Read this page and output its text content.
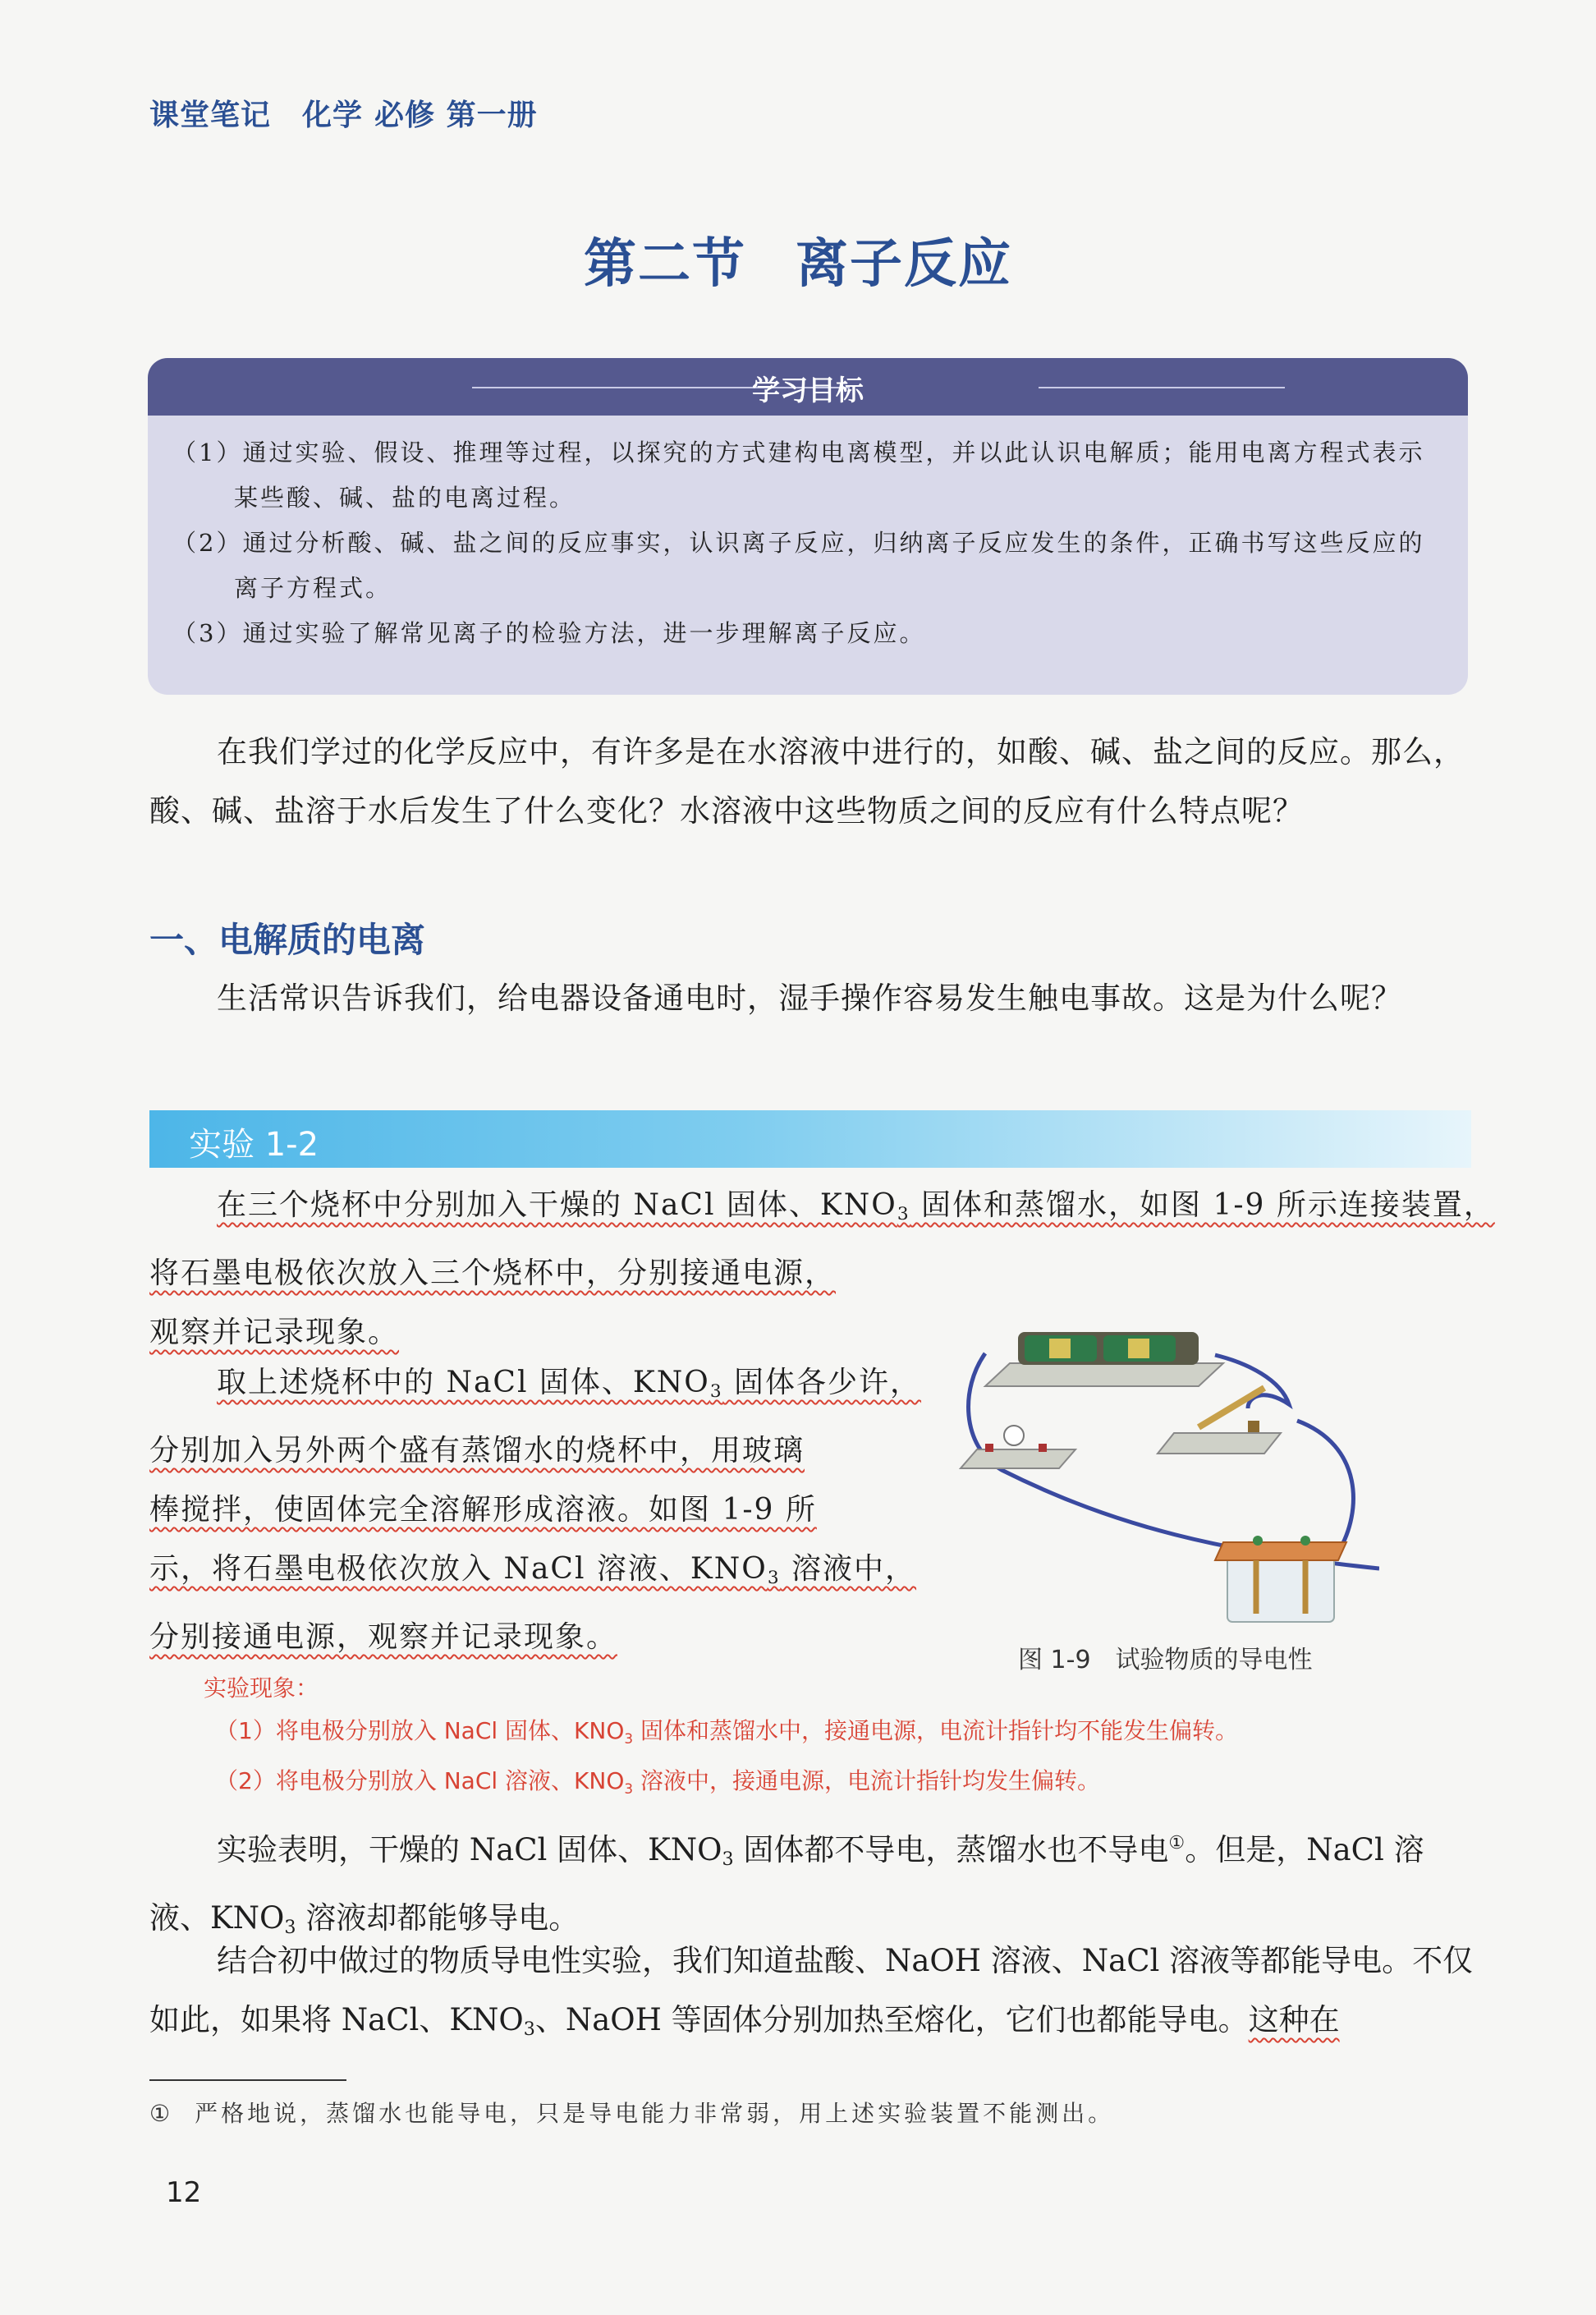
课堂笔记 化学 必修 第一册
第二节 离子反应
学习目标
（1）通过实验、假设、推理等过程，以探究的方式建构电离模型，并以此认识电解质；能用电离方程式表示某些酸、碱、盐的电离过程。
（2）通过分析酸、碱、盐之间的反应事实，认识离子反应，归纳离子反应发生的条件，正确书写这些反应的离子方程式。
（3）通过实验了解常见离子的检验方法，进一步理解离子反应。
在我们学过的化学反应中，有许多是在水溶液中进行的，如酸、碱、盐之间的反应。那么，酸、碱、盐溶于水后发生了什么变化？水溶液中这些物质之间的反应有什么特点呢？
一、电解质的电离
生活常识告诉我们，给电器设备通电时，湿手操作容易发生触电事故。这是为什么呢？
实验 1-2
在三个烧杯中分别加入干燥的 NaCl 固体、$KNO_3$ 固体和蒸馏水，如图 1-9 所示连接装置，
将石墨电极依次放入三个烧杯中，分别接通电源，
观察并记录现象。
取上述烧杯中的 NaCl 固体、$KNO_3$ 固体各少许，
分别加入另外两个盛有蒸馏水的烧杯中，用玻璃
棒搅拌，使固体完全溶解形成溶液。如图 1-9 所
示，将石墨电极依次放入 NaCl 溶液、$KNO_3$ 溶液中，
分别接通电源，观察并记录现象。
图 1-9　试验物质的导电性
实验现象：
（1）将电极分别放入 NaCl 固体、$KNO_3$ 固体和蒸馏水中，接通电源，电流计指针均不能发生偏转。
（2）将电极分别放入 NaCl 溶液、$KNO_3$ 溶液中，接通电源，电流计指针均发生偏转。
实验表明，干燥的 NaCl 固体、$KNO_3$ 固体都不导电，蒸馏水也不导电①。但是，NaCl 溶液、$KNO_3$ 溶液却都能够导电。
结合初中做过的物质导电性实验，我们知道盐酸、NaOH 溶液、NaCl 溶液等都能导电。不仅如此，如果将 NaCl、$KNO_3$、NaOH 等固体分别加热至熔化，它们也都能导电。这种在
① 严格地说，蒸馏水也能导电，只是导电能力非常弱，用上述实验装置不能测出。
12
